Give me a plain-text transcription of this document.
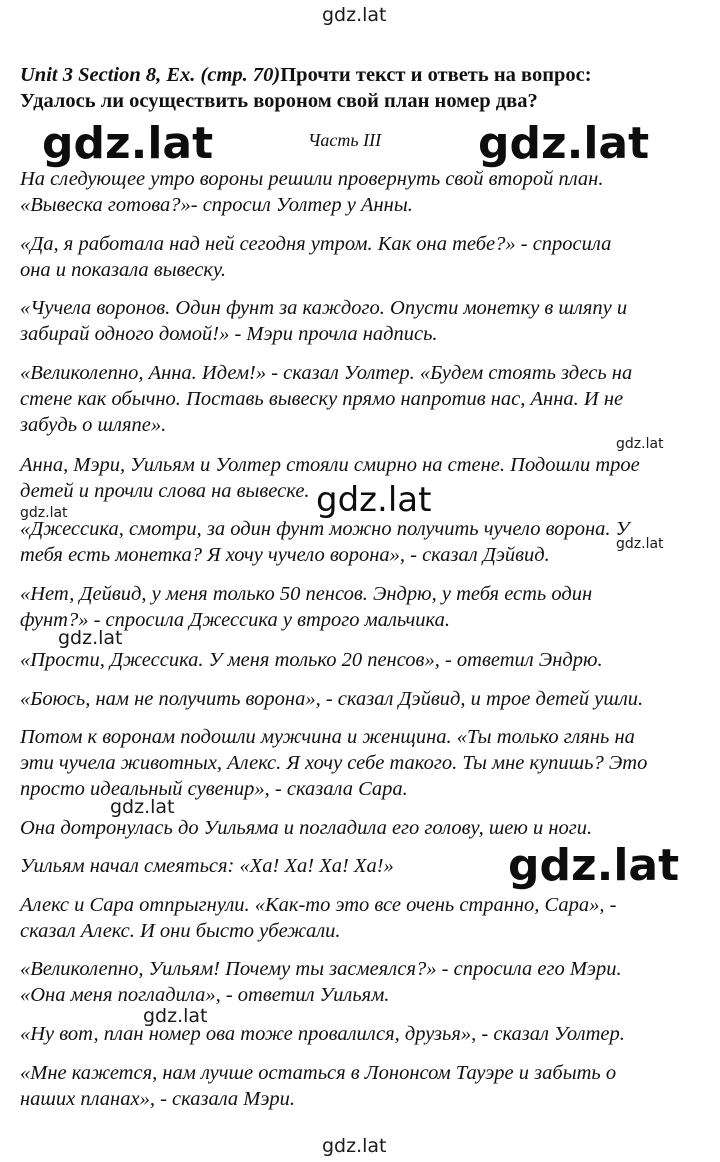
gdz.lat
gdz.lat	gdz.lat
gdz.lat
gdz.lat
gdz.lat
gdz.lat
gdz.lat
gdz.lat
gdz.lat
gdz.lat
gdz.lat
Unit 3 Section 8, Ex. (стр. 70)Прочти текст и ответь на вопрос:
Удалось ли осуществить вороном свой план номер два?
Часть III
На следующее утро вороны решили провернуть свой второй план.
«Вывеска готова?»- спросил Уолтер у Анны.
«Да, я работала над ней сегодня утром. Как она тебе?» - спросила
она и показала вывеску.
«Чучела воронов. Один фунт за каждого. Опусти монетку в шляпу и
забирай одного домой!» - Мэри прочла надпись.
«Великолепно, Анна. Идем!» - сказал Уолтер. «Будем стоять здесь на
стене как обычно. Поставь вывеску прямо напротив нас, Анна. И не
забудь о шляпе».
Анна, Мэри, Уильям и Уолтер стояли смирно на стене. Подошли трое
детей и прочли слова на вывеске.
«Джессика, смотри, за один фунт можно получить чучело ворона. У
тебя есть монетка? Я хочу чучело ворона», - сказал Дэйвид.
«Нет, Дейвид, у меня только 50 пенсов. Эндрю, у тебя есть один
фунт?» - спросила Джессика у втрого мальчика.
«Прости, Джессика. У меня только 20 пенсов», - ответил Эндрю.
«Боюсь, нам не получить ворона», - сказал Дэйвид, и трое детей ушли.
Потом к воронам подошли мужчина и женщина. «Ты только глянь на
эти чучела животных, Алекс. Я хочу себе такого. Ты мне купишь? Это
просто идеальный сувенир», - сказала Сара.
Она дотронулась до Уильяма и погладила его голову, шею и ноги.
Уильям начал смеяться: «Ха! Ха! Ха! Ха!»
Алекс и Сара отпрыгнули. «Как-то это все очень странно, Сара», -
сказал Алекс. И они бысто убежали.
«Великолепно, Уильям! Почему ты засмеялся?» - спросила его Мэри.
«Она меня погладила», - ответил Уильям.
«Ну вот, план номер ова тоже провалился, друзья», - сказал Уолтер.
«Мне кажется, нам лучше остаться в Лононсом Тауэре и забыть о
наших планах», - сказала Мэри.
